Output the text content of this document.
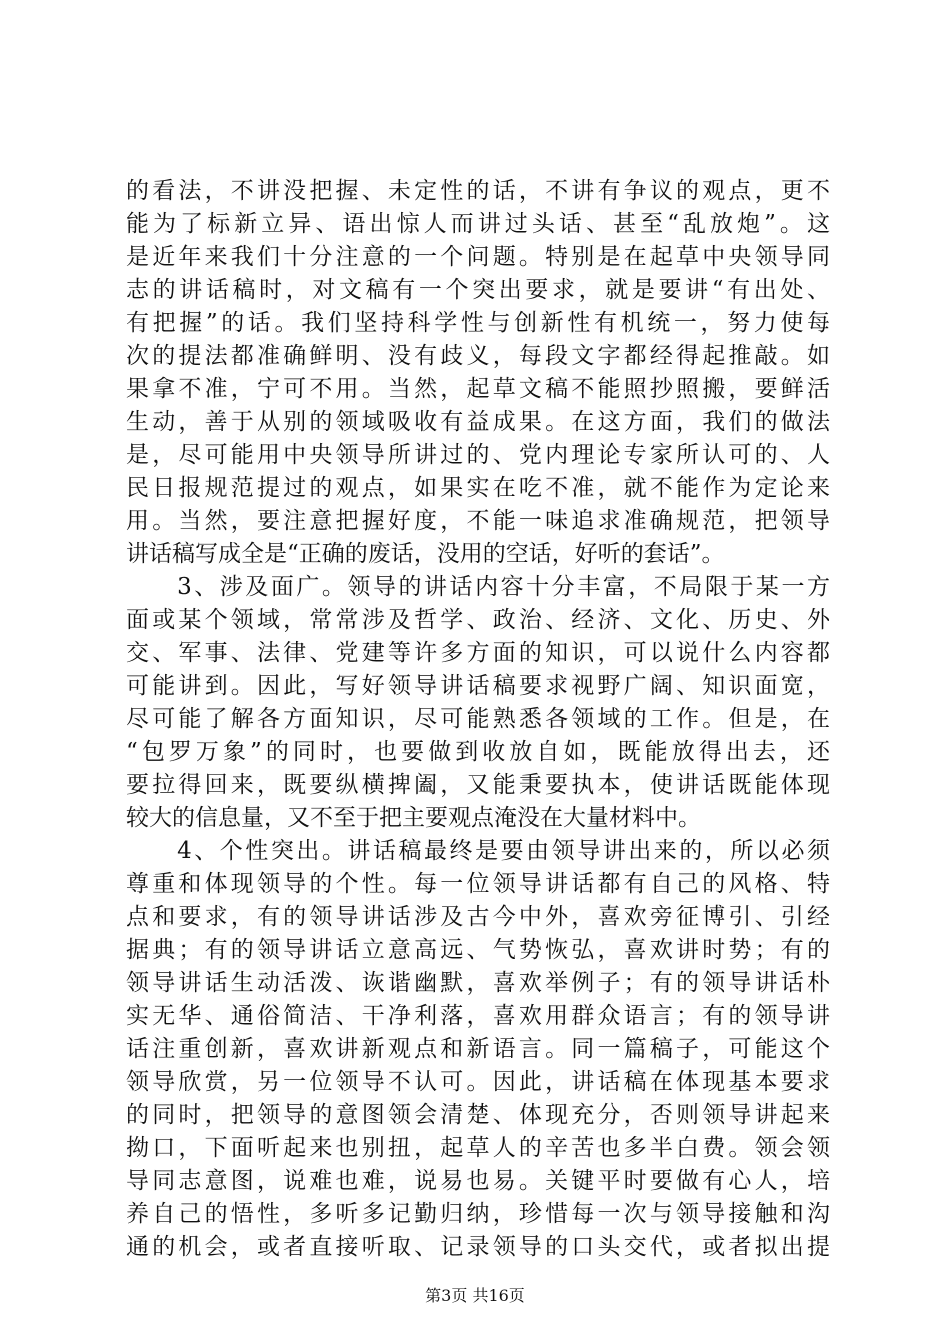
的看法，不讲没把握、未定性的话，不讲有争议的观点，更不
能为了标新立异、语出惊人而讲过头话、甚至“乱放炮”。这
是近年来我们十分注意的一个问题。特别是在起草中央领导同
志的讲话稿时，对文稿有一个突出要求，就是要讲“有出处、
有把握”的话。我们坚持科学性与创新性有机统一，努力使每
次的提法都准确鲜明、没有歧义，每段文字都经得起推敲。如
果拿不准，宁可不用。当然，起草文稿不能照抄照搬，要鲜活
生动，善于从别的领域吸收有益成果。在这方面，我们的做法
是，尽可能用中央领导所讲过的、党内理论专家所认可的、人
民日报规范提过的观点，如果实在吃不准，就不能作为定论来
用。当然，要注意把握好度，不能一味追求准确规范，把领导
讲话稿写成全是“正确的废话，没用的空话，好听的套话”。
　　3、涉及面广。领导的讲话内容十分丰富，不局限于某一方
面或某个领域，常常涉及哲学、政治、经济、文化、历史、外
交、军事、法律、党建等许多方面的知识，可以说什么内容都
可能讲到。因此，写好领导讲话稿要求视野广阔、知识面宽，
尽可能了解各方面知识，尽可能熟悉各领域的工作。但是，在
“包罗万象”的同时，也要做到收放自如，既能放得出去，还
要拉得回来，既要纵横捭阖，又能秉要执本，使讲话既能体现
较大的信息量，又不至于把主要观点淹没在大量材料中。
　　4、个性突出。讲话稿最终是要由领导讲出来的，所以必须
尊重和体现领导的个性。每一位领导讲话都有自己的风格、特
点和要求，有的领导讲话涉及古今中外，喜欢旁征博引、引经
据典；有的领导讲话立意高远、气势恢弘，喜欢讲时势；有的
领导讲话生动活泼、诙谐幽默，喜欢举例子；有的领导讲话朴
实无华、通俗简洁、干净利落，喜欢用群众语言；有的领导讲
话注重创新，喜欢讲新观点和新语言。同一篇稿子，可能这个
领导欣赏，另一位领导不认可。因此，讲话稿在体现基本要求
的同时，把领导的意图领会清楚、体现充分，否则领导讲起来
拗口，下面听起来也别扭，起草人的辛苦也多半白费。领会领
导同志意图，说难也难，说易也易。关键平时要做有心人，培
养自己的悟性，多听多记勤归纳，珍惜每一次与领导接触和沟
通的机会，或者直接听取、记录领导的口头交代，或者拟出提
第3页 共16页
